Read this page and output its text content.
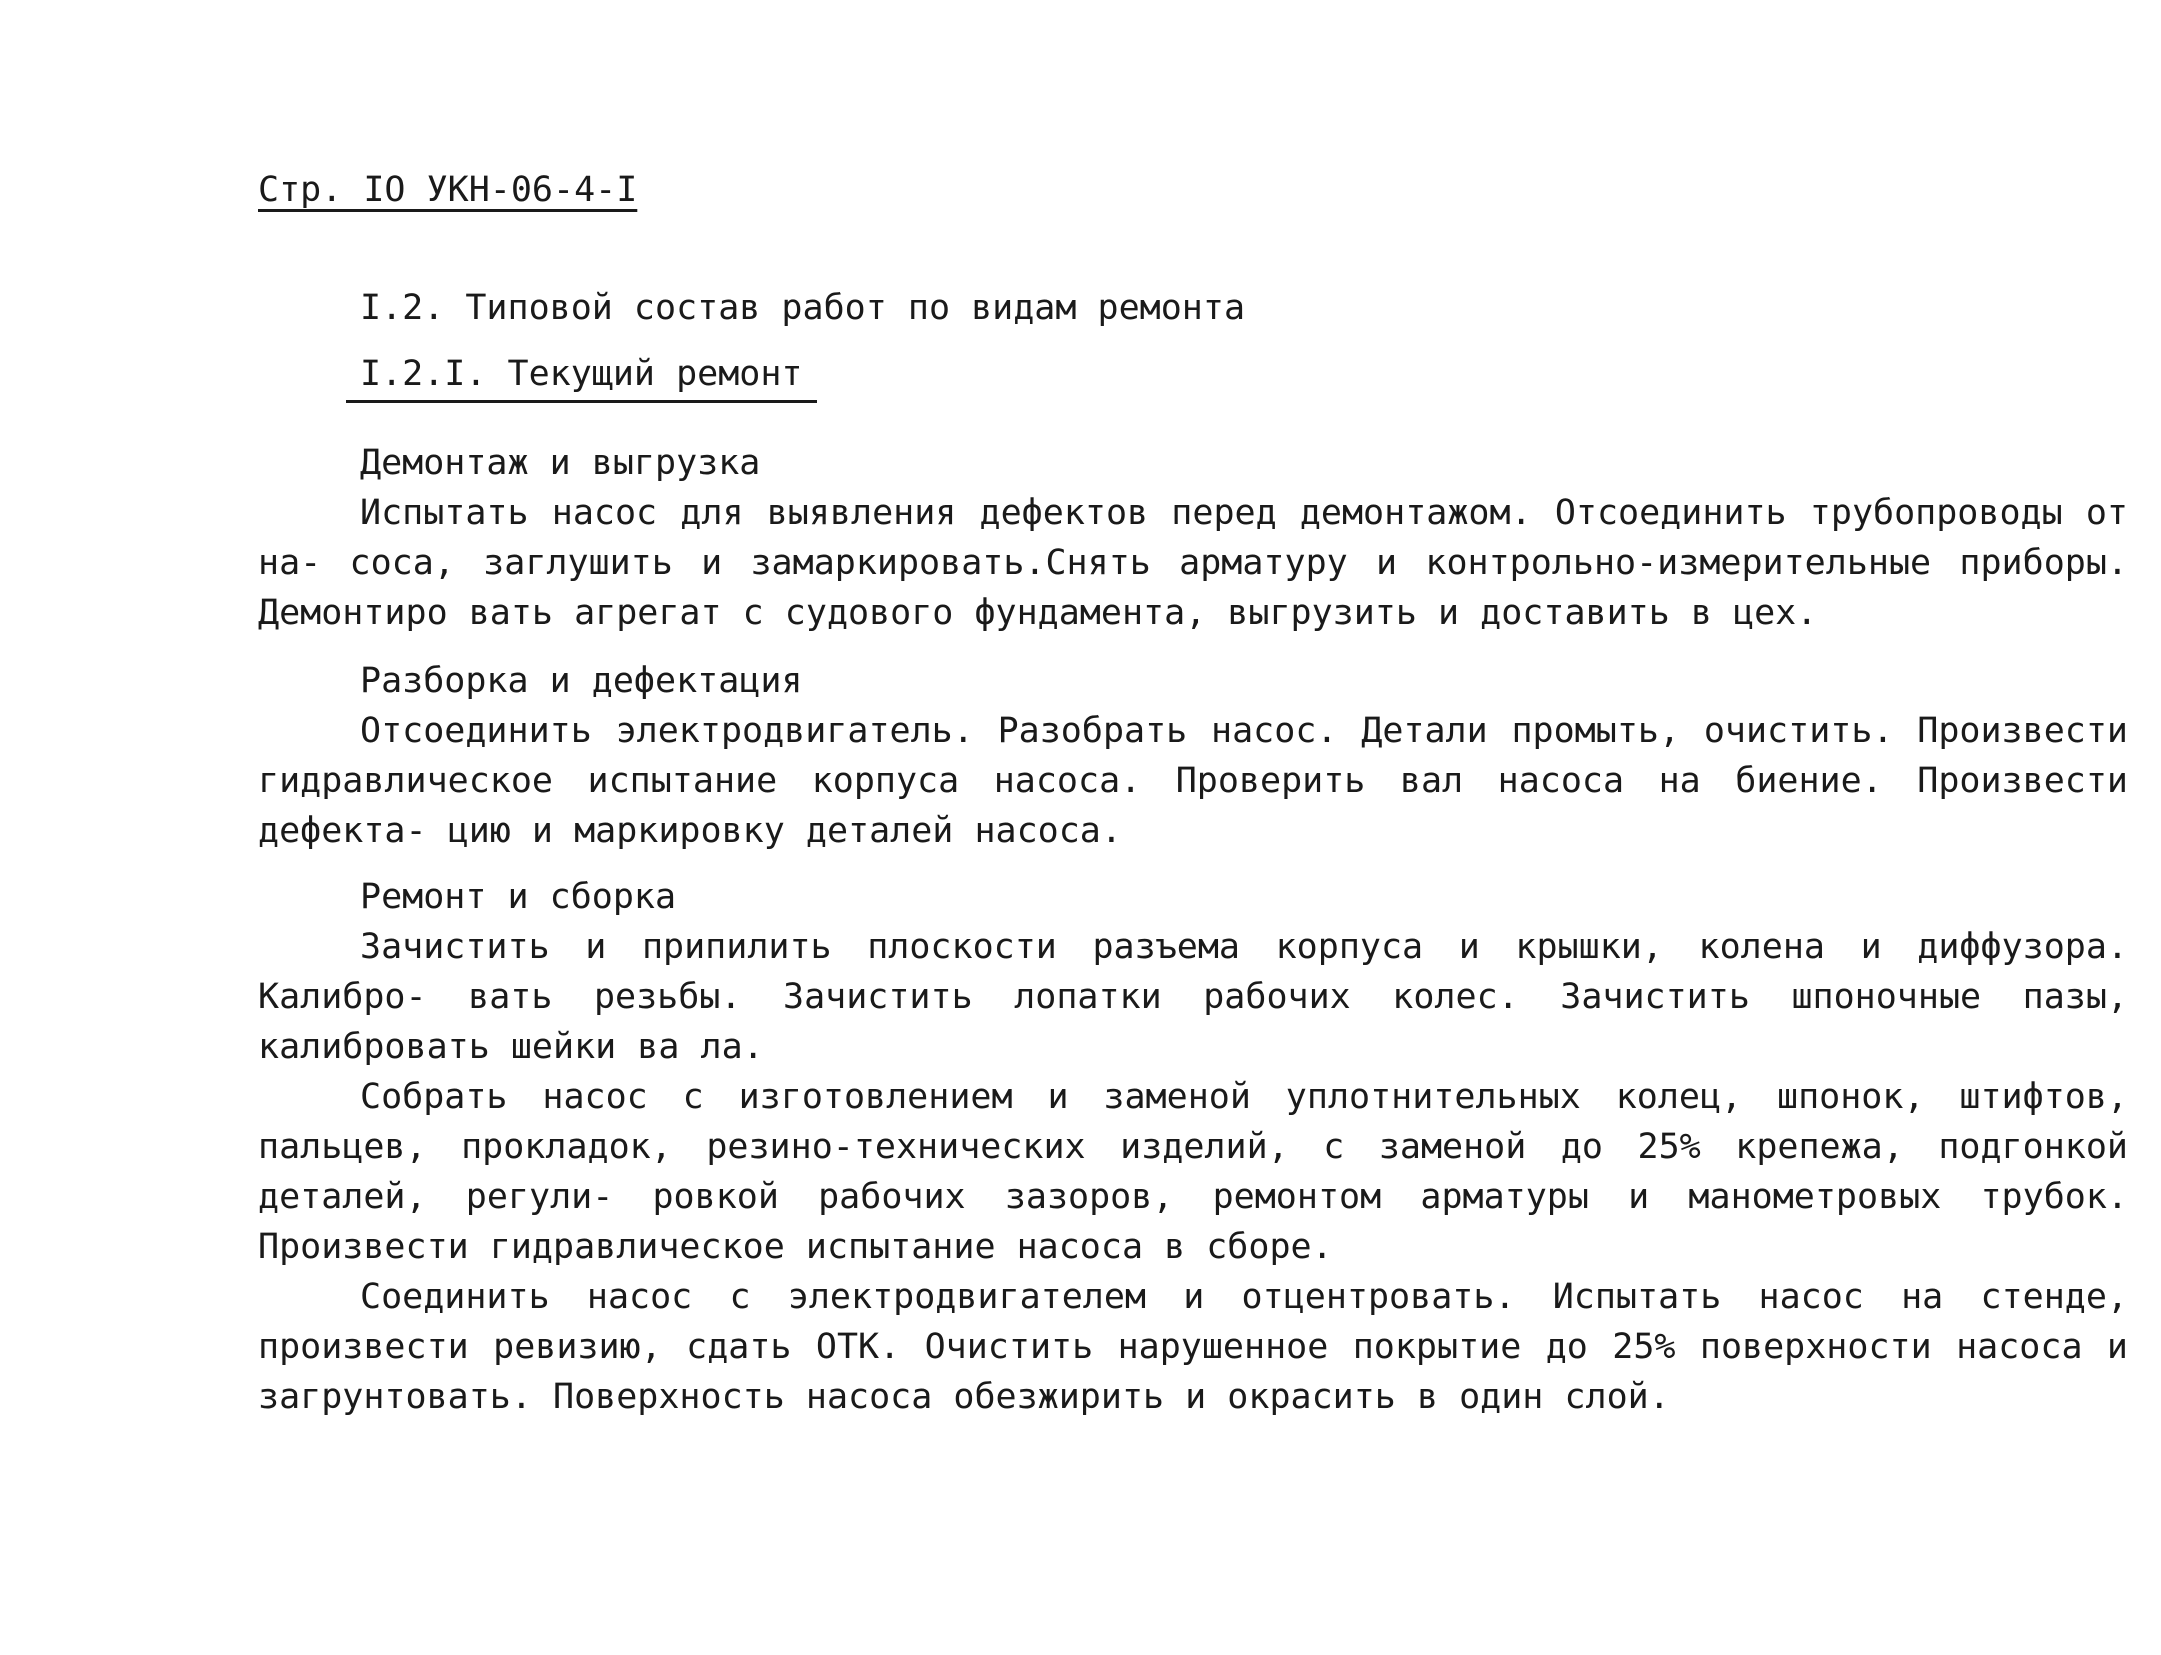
Стр. IO УКН-06-4-I
I.2. Типовой состав работ по видам ремонта
I.2.I. Текущий ремонт
Демонтаж и выгрузка

Испытать насос для выявления дефектов перед демонтажом. Отсоединить трубопроводы от на- соса, заглушить и замаркировать.Снять арматуру и контрольно-измерительные приборы. Демонтиро вать агрегат с судового фундамента, выгрузить и доставить в цех.

Разборка и дефектация

Отсоединить электродвигатель. Разобрать насос. Детали промыть, очистить. Произвести гидравлическое испытание корпуса насоса. Проверить вал насоса на биение. Произвести дефекта- цию и маркировку деталей насоса.

Ремонт и сборка

Зачистить и припилить плоскости разъема корпуса и крышки, колена и диффузора. Калибро- вать резьбы. Зачистить лопатки рабочих колес. Зачистить шпоночные пазы, калибровать шейки ва ла.

Собрать насос с изготовлением и заменой уплотнительных колец, шпонок, штифтов, пальцев, прокладок, резино-технических изделий, с заменой до 25% крепежа, подгонкой деталей, регули- ровкой рабочих зазоров, ремонтом арматуры и манометровых трубок. Произвести гидравлическое испытание насоса в сборе.

Соединить насос с электродвигателем и отцентровать. Испытать насос на стенде, произвести ревизию, сдать ОТК. Очистить нарушенное покрытие до 25% поверхности насоса и загрунтовать. Поверхность насоса обезжирить и окрасить в один слой.
